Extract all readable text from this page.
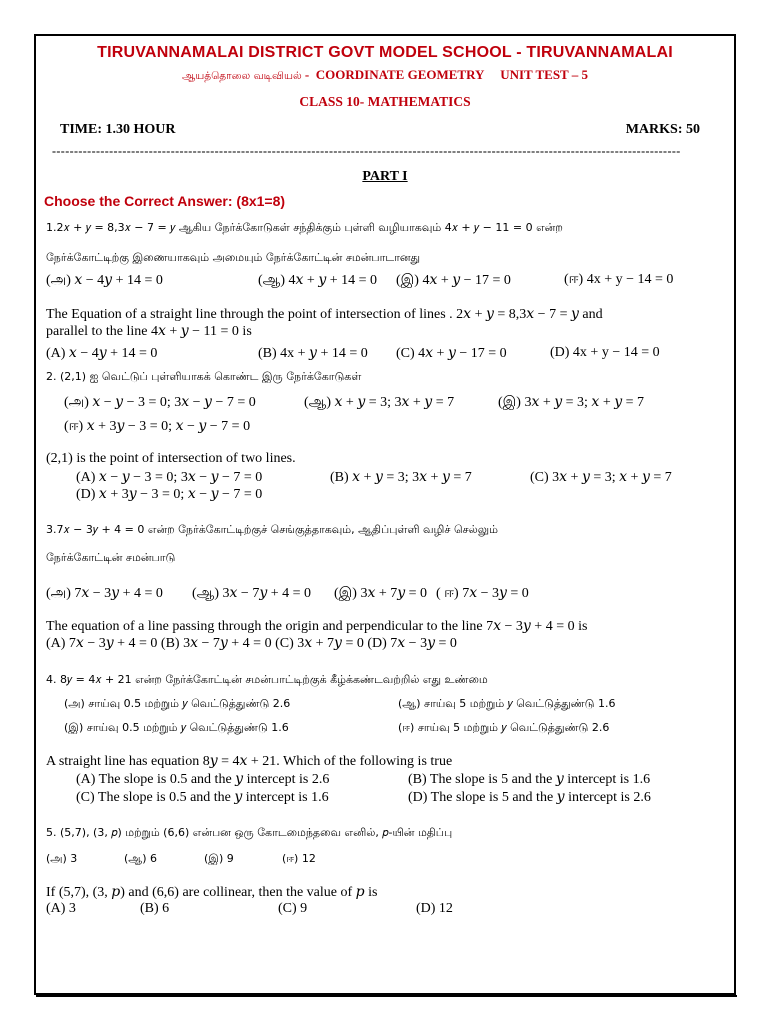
TIRUVANNAMALAI DISTRICT GOVT MODEL SCHOOL - TIRUVANNAMALAI
ஆயத்தொலை வடிவியல் -  COORDINATE GEOMETRY     UNIT TEST – 5
CLASS 10- MATHEMATICS
TIME: 1.30 HOUR	MARKS: 50
-----------------------------------------------------------------------------------------------------------------------------------------------
PART I
Choose the Correct Answer: (8x1=8)
1.2𝑥 + 𝑦 = 8,3𝑥 − 7 = 𝑦 ஆகிய நேர்க்கோடுகள் சந்திக்கும் புள்ளி வழியாகவும் 4𝑥 + 𝑦 − 11 = 0 என்ற
நேர்க்கோட்டிற்கு இணையாகவும் அமையும் நேர்க்கோட்டின் சமன்பாடானது
(அ) 𝑥 − 4𝑦 + 14 = 0	(ஆ) 4𝑥 + 𝑦 + 14 = 0 (இ) 4𝑥 + 𝑦 − 17 = 0	(ஈ) 4x + y − 14 = 0
The Equation of a straight line through the point of intersection of lines . 2𝑥 + 𝑦 = 8,3𝑥 − 7 = 𝑦 and
parallel to the line 4𝑥 + 𝑦 − 11 = 0 is
(A) 𝑥 − 4𝑦 + 14 = 0	(B) 4x + 𝑦 + 14 = 0 (C) 4𝑥 + 𝑦 − 17 = 0	(D) 4x + y − 14 = 0
2. (2,1) ஐ வெட்டுப் புள்ளியாகக் கொண்ட இரு நேர்க்கோடுகள்
(அ) 𝑥 − 𝑦 − 3 = 0; 3𝑥 − 𝑦 − 7 = 0	(ஆ) 𝑥 + 𝑦 = 3; 3𝑥 + 𝑦 = 7	(இ) 3𝑥 + 𝑦 = 3; 𝑥 + 𝑦 = 7
(ஈ) 𝑥 + 3𝑦 − 3 = 0; 𝑥 − 𝑦 − 7 = 0
(2,1) is the point of intersection of two lines.
(A) 𝑥 − 𝑦 − 3 = 0; 3𝑥 − 𝑦 − 7 = 0	(B) 𝑥 + 𝑦 = 3; 3𝑥 + 𝑦 = 7	(C) 3𝑥 + 𝑦 = 3; 𝑥 + 𝑦 = 7
(D) 𝑥 + 3𝑦 − 3 = 0; 𝑥 − 𝑦 − 7 = 0
3.7𝑥 − 3𝑦 + 4 = 0 என்ற நேர்க்கோட்டிற்குச் செங்குத்தாகவும், ஆதிப்புள்ளி வழிச் செல்லும்
நேர்க்கோட்டின் சமன்பாடு
(அ) 7𝑥 − 3𝑦 + 4 = 0 (ஆ) 3𝑥 − 7𝑦 + 4 = 0 (இ) 3𝑥 + 7𝑦 = 0 ( ஈ) 7𝑥 − 3𝑦 = 0
The equation of a line passing through the origin and perpendicular to the line 7𝑥 − 3𝑦 + 4 = 0 is
(A) 7𝑥 − 3𝑦 + 4 = 0 (B) 3𝑥 − 7𝑦 + 4 = 0 (C) 3𝑥 + 7𝑦 = 0 (D) 7𝑥 − 3𝑦 = 0
4. 8𝑦 = 4𝑥 + 21 என்ற நேர்க்கோட்டின் சமன்பாட்டிற்குக் கீழ்க்கண்டவற்றில் எது உண்மை
(அ) சாய்வு 0.5 மற்றும் 𝑦 வெட்டுத்துண்டு 2.6	(ஆ) சாய்வு 5 மற்றும் 𝑦 வெட்டுத்துண்டு 1.6
(இ) சாய்வு 0.5 மற்றும் 𝑦 வெட்டுத்துண்டு 1.6	(ஈ) சாய்வு 5 மற்றும் 𝑦 வெட்டுத்துண்டு 2.6
A straight line has equation 8𝑦 = 4𝑥 + 21. Which of the following is true
(A) The slope is 0.5 and the 𝑦 intercept is 2.6	(B) The slope is 5 and the 𝑦 intercept is 1.6
(C) The slope is 0.5 and the 𝑦 intercept is 1.6	(D) The slope is 5 and the 𝑦 intercept is 2.6
5. (5,7), (3, 𝑝) மற்றும் (6,6) என்பன ஒரு கோடமைந்தவை எனில், 𝑝-யின் மதிப்பு
(அ) 3	(ஆ) 6	(இ) 9	(ஈ) 12
If (5,7), (3, 𝑝) and (6,6) are collinear, then the value of 𝑝 is
(A) 3	(B) 6	(C) 9	(D) 12
